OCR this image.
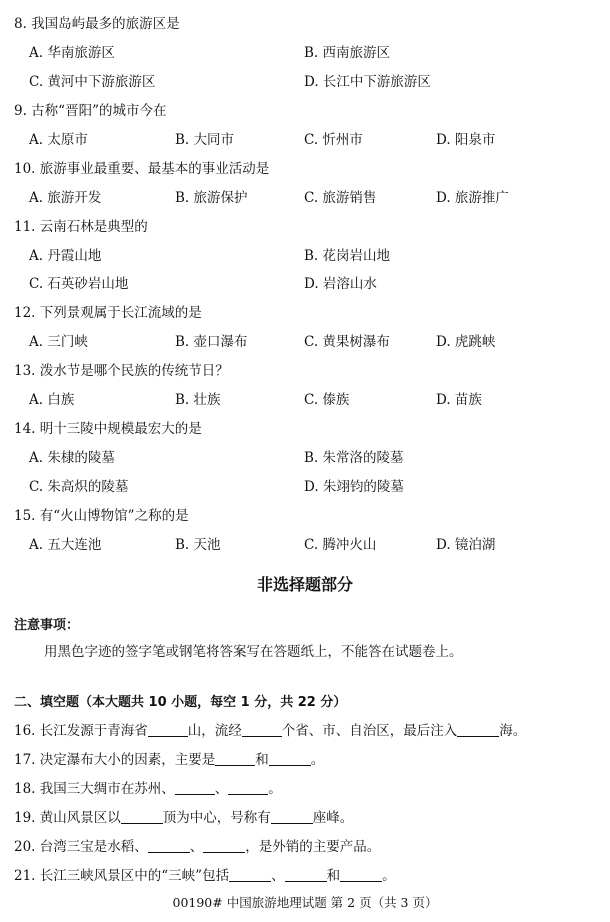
8. 我国岛屿最多的旅游区是
A. 华南旅游区	B. 西南旅游区
C. 黄河中下游旅游区	D. 长江中下游旅游区
9. 古称“晋阳”的城市今在
A. 太原市	B. 大同市	C. 忻州市	D. 阳泉市
10. 旅游事业最重要、最基本的事业活动是
A. 旅游开发	B. 旅游保护	C. 旅游销售	D. 旅游推广
11. 云南石林是典型的
A. 丹霞山地	B. 花岗岩山地
C. 石英砂岩山地	D. 岩溶山水
12. 下列景观属于长江流域的是
A. 三门峡	B. 壶口瀑布	C. 黄果树瀑布	D. 虎跳峡
13. 泼水节是哪个民族的传统节日？
A. 白族	B. 壮族	C. 傣族	D. 苗族
14. 明十三陵中规模最宏大的是
A. 朱棣的陵墓	B. 朱常洛的陵墓
C. 朱高炽的陵墓	D. 朱翊钧的陵墓
15. 有“火山博物馆”之称的是
A. 五大连池	B. 天池	C. 腾冲火山	D. 镜泊湖
非选择题部分
注意事项：
用黑色字迹的签字笔或钢笔将答案写在答题纸上，不能答在试题卷上。
二、填空题（本大题共 10 小题，每空 1 分，共 22 分）
16. 长江发源于青海省	山，流经	个省、市、自治区，最后注入	海。
17. 决定瀑布大小的因素，主要是	和	。
18. 我国三大绸市在苏州、	、	。
19. 黄山风景区以	顶为中心，号称有	座峰。
20. 台湾三宝是水稻、	、	，是外销的主要产品。
21. 长江三峡风景区中的“三峡”包括	、	和	。
00190# 中国旅游地理试题 第 2 页（共 3 页）
